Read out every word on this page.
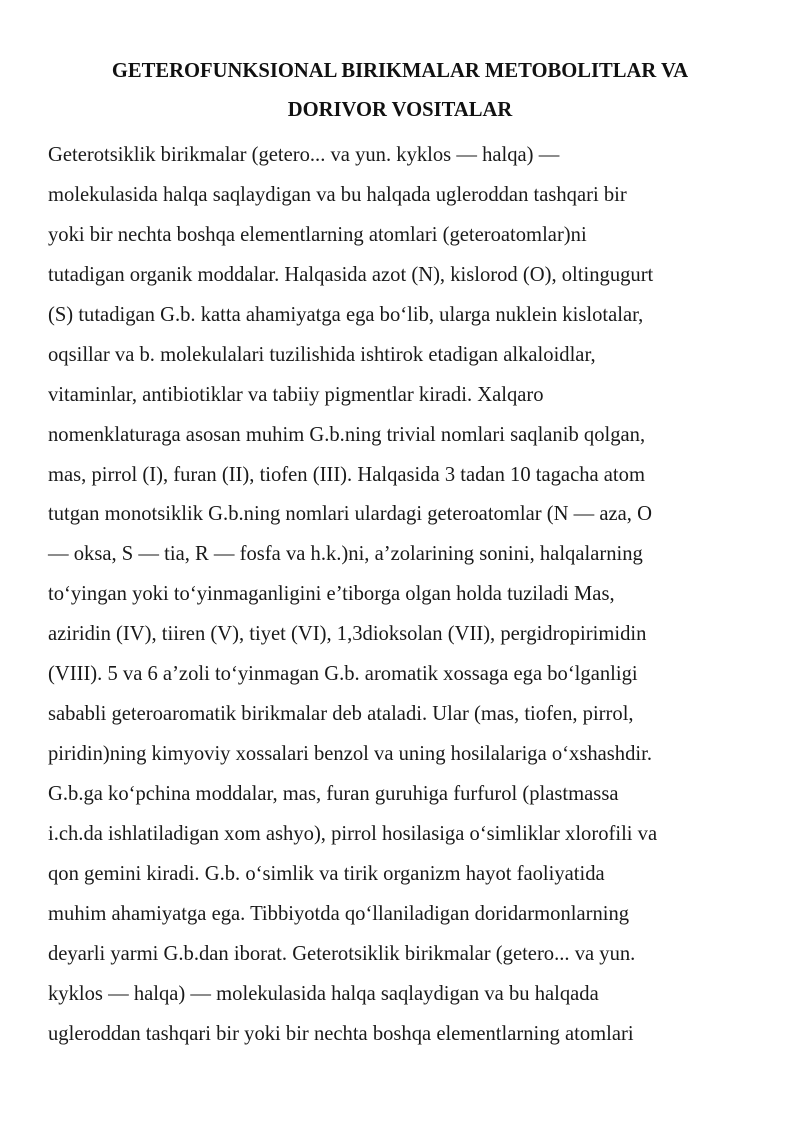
GETEROFUNKSIONAL BIRIKMALAR METOBOLITLAR VA
DORIVOR VOSITALAR
Geterotsiklik birikmalar (getero... va yun. kyklos — halqa) —
molekulasida halqa saqlaydigan va bu halqada ugleroddan tashqari bir
yoki bir nechta boshqa elementlarning atomlari (geteroatomlar)ni
tutadigan organik moddalar. Halqasida azot (N), kislorod (O), oltingugurt
(S) tutadigan G.b. katta ahamiyatga ega bo‘lib, ularga nuklein kislotalar,
oqsillar va b. molekulalari tuzilishida ishtirok etadigan alkaloidlar,
vitaminlar, antibiotiklar va tabiiy pigmentlar kiradi. Xalqaro
nomenklaturaga asosan muhim G.b.ning trivial nomlari saqlanib qolgan,
mas, pirrol (I), furan (II), tiofen (III). Halqasida 3 tadan 10 tagacha atom
tutgan monotsiklik G.b.ning nomlari ulardagi geteroatomlar (N — aza, O
— oksa, S — tia, R — fosfa va h.k.)ni, a’zolarining sonini, halqalarning
to‘yingan yoki to‘yinmaganligini e’tiborga olgan holda tuziladi Mas,
aziridin (IV), tiiren (V), tiyet (VI), 1,3dioksolan (VII), pergidropirimidin
(VIII). 5 va 6 a’zoli to‘yinmagan G.b. aromatik xossaga ega bo‘lganligi
sababli geteroaromatik birikmalar deb ataladi. Ular (mas, tiofen, pirrol,
piridin)ning kimyoviy xossalari benzol va uning hosilalariga o‘xshashdir.
G.b.ga ko‘pchina moddalar, mas, furan guruhiga furfurol (plastmassa
i.ch.da ishlatiladigan xom ashyo), pirrol hosilasiga o‘simliklar xlorofili va
qon gemini kiradi. G.b. o‘simlik va tirik organizm hayot faoliyatida
muhim ahamiyatga ega. Tibbiyotda qo‘llaniladigan doridarmonlarning
deyarli yarmi G.b.dan iborat. Geterotsiklik birikmalar (getero... va yun.
kyklos — halqa) — molekulasida halqa saqlaydigan va bu halqada
ugleroddan tashqari bir yoki bir nechta boshqa elementlarning atomlari
